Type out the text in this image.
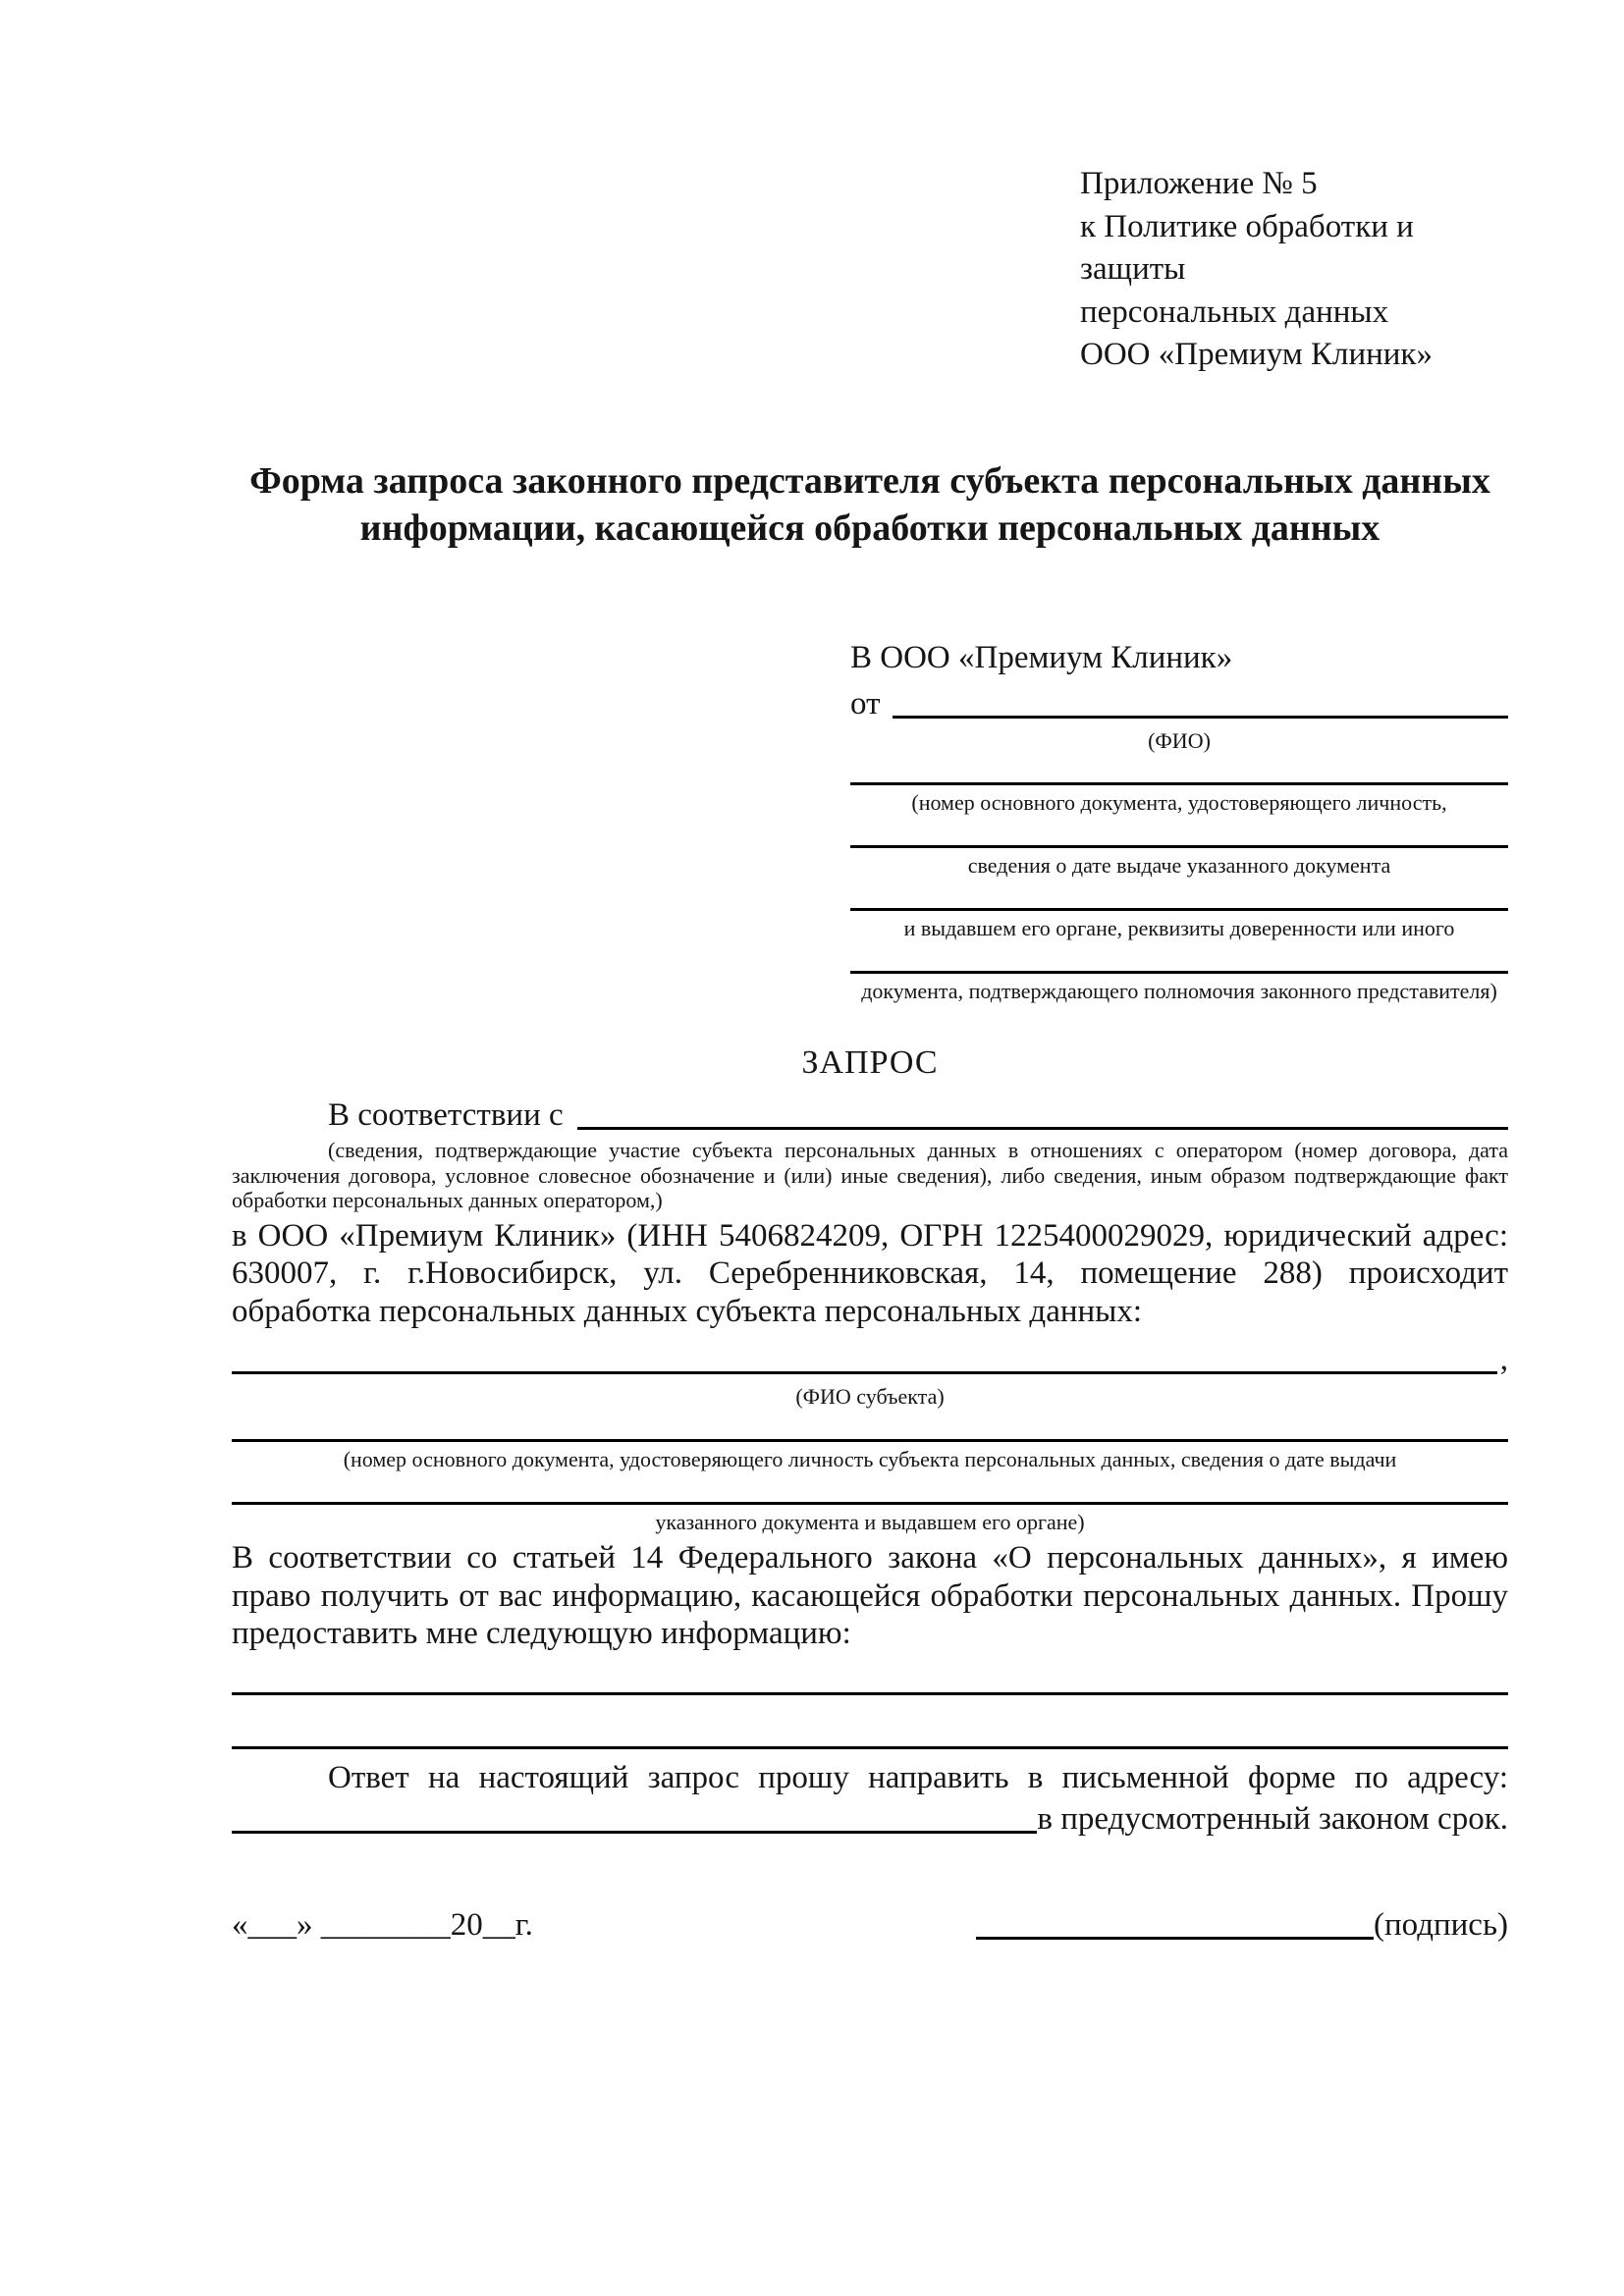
Приложение № 5
к Политике обработки и защиты
персональных данных
ООО «Премиум Клиник»
Форма запроса законного представителя субъекта персональных данных информации, касающейся обработки персональных данных
В ООО «Премиум Клиник»
от
(ФИО)
(номер основного документа, удостоверяющего личность,
сведения о дате выдаче указанного документа
и выдавшем его органе, реквизиты доверенности или иного
документа, подтверждающего полномочия законного представителя)
ЗАПРОС
В соответствии с
(сведения, подтверждающие участие субъекта персональных данных в отношениях с оператором (номер договора, дата
заключения договора, условное словесное обозначение и (или) иные сведения), либо сведения, иным образом подтверждающие факт
обработки персональных данных оператором,)
в ООО «Премиум Клиник» (ИНН 5406824209, ОГРН 1225400029029, юридический адрес: 630007, г. г.Новосибирск, ул. Серебренниковская, 14, помещение 288) происходит обработка персональных данных субъекта персональных данных:
,
(ФИО субъекта)
(номер основного документа, удостоверяющего личность субъекта персональных данных, сведения о дате выдачи
указанного документа и выдавшем его органе)
В соответствии со статьей 14 Федерального закона «О персональных данных», я имею право получить от вас информацию, касающейся обработки персональных данных. Прошу предоставить мне следующую информацию:
Ответ на настоящий запрос прошу направить в письменной форме по адресу:
в предусмотренный законом срок.
«___» ________20__г.	(подпись)
